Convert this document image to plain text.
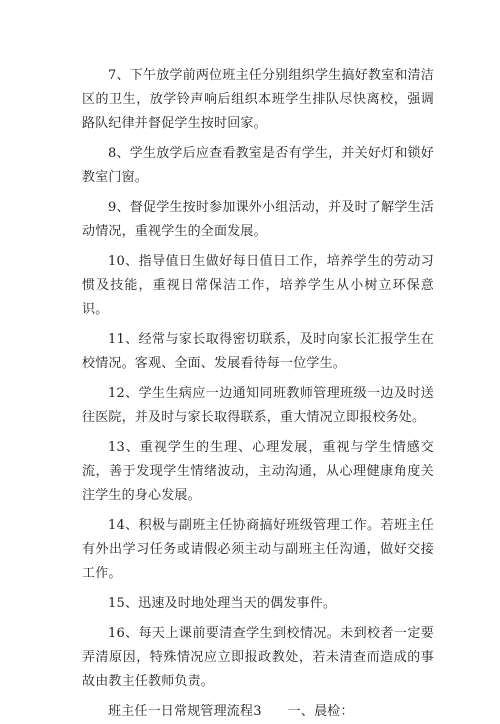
7、下午放学前两位班主任分别组织学生搞好教室和清洁区的卫生，放学铃声响后组织本班学生排队尽快离校，强调路队纪律并督促学生按时回家。

8、学生放学后应查看教室是否有学生，并关好灯和锁好教室门窗。

9、督促学生按时参加课外小组活动，并及时了解学生活动情况，重视学生的全面发展。

10、指导值日生做好每日值日工作，培养学生的劳动习惯及技能，重视日常保洁工作，培养学生从小树立环保意识。

11、经常与家长取得密切联系，及时向家长汇报学生在校情况。客观、全面、发展看待每一位学生。

12、学生生病应一边通知同班教师管理班级一边及时送往医院，并及时与家长取得联系，重大情况立即报校务处。

13、重视学生的生理、心理发展，重视与学生情感交流，善于发现学生情绪波动，主动沟通，从心理健康角度关注学生的身心发展。

14、积极与副班主任协商搞好班级管理工作。若班主任有外出学习任务或请假必须主动与副班主任沟通，做好交接工作。

15、迅速及时地处理当天的偶发事件。

16、每天上课前要清查学生到校情况。未到校者一定要弄清原因，特殊情况应立即报政教处，若未清查而造成的事故由教主任教师负责。

班主任一日常规管理流程3 一、晨检：
